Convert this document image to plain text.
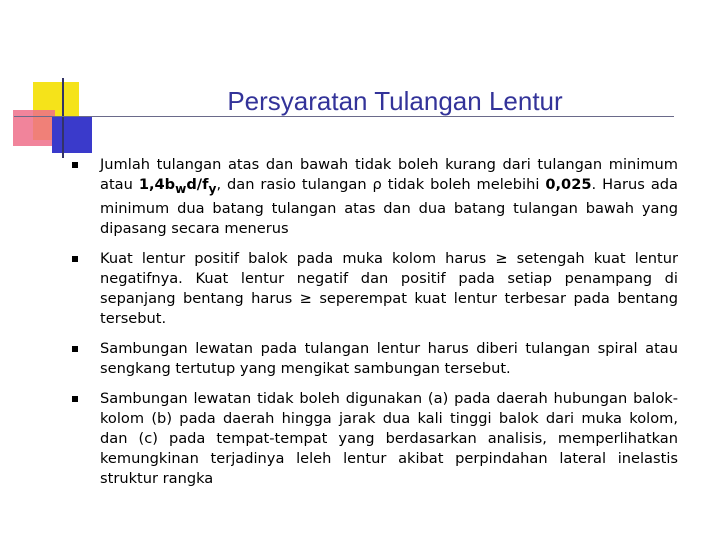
Persyaratan Tulangan Lentur
Jumlah tulangan atas dan bawah tidak boleh kurang dari tulangan minimum atau $1,4b_wd/f_y$, dan rasio tulangan ρ tidak boleh melebihi 0,025. Harus ada minimum dua batang tulangan atas dan dua batang tulangan bawah yang dipasang secara menerus
Kuat lentur positif balok pada muka kolom harus ≥ setengah kuat lentur negatifnya. Kuat lentur negatif dan positif pada setiap penampang di sepanjang bentang harus ≥ seperempat kuat lentur terbesar pada bentang tersebut.
Sambungan lewatan pada tulangan lentur harus diberi tulangan spiral atau sengkang tertutup yang mengikat sambungan tersebut.
Sambungan lewatan tidak boleh digunakan (a) pada daerah hubungan balok-kolom (b) pada daerah hingga jarak dua kali tinggi balok dari muka kolom, dan (c) pada tempat-tempat yang berdasarkan analisis, memperlihatkan kemungkinan terjadinya leleh lentur akibat perpindahan lateral inelastis struktur rangka
